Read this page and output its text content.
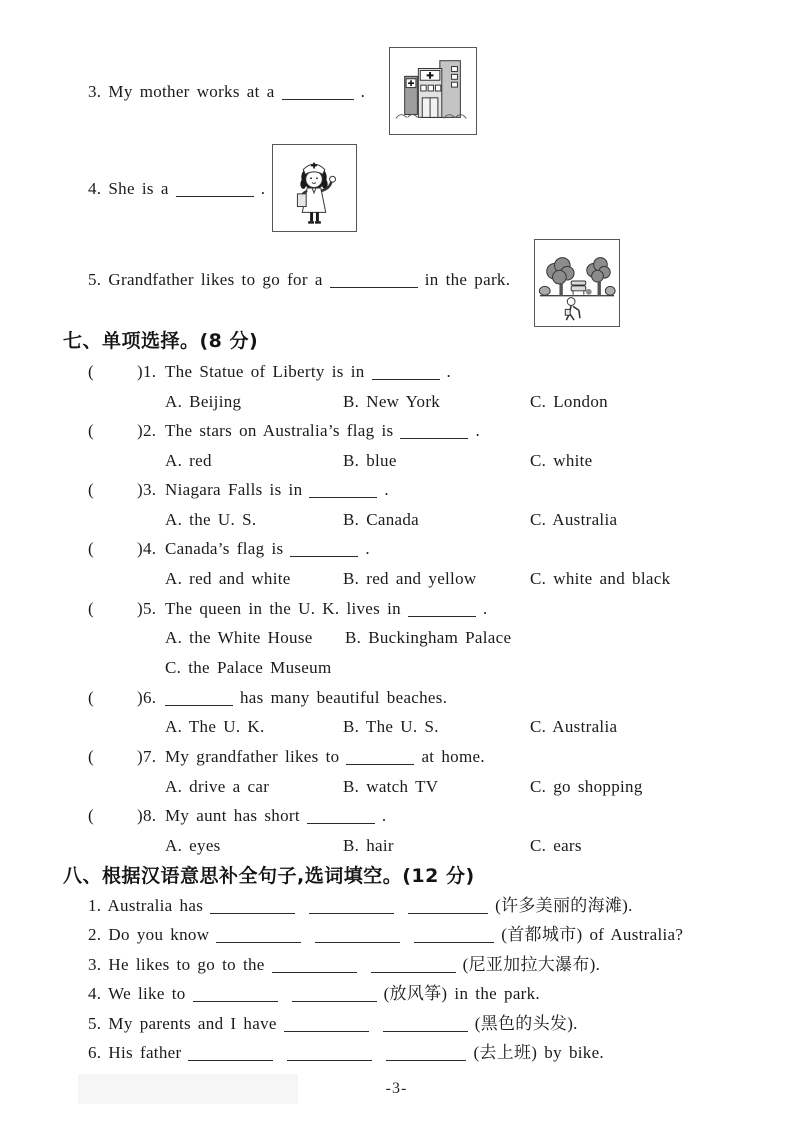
3. My mother works at a	.
4. She is a	.
5. Grandfather likes to go for a	in the park.
七、单项选择。(8 分)
(	)1. The Statue of Liberty is in	.
A. Beijing	B. New York	C. London
(	)2. The stars on Australia’s flag is	.
A. red	B. blue	C. white
(	)3. Niagara Falls is in	.
A. the U. S.	B. Canada	C. Australia
(	)4. Canada’s flag is	.
A. red and white	B. red and yellow	C. white and black
(	)5. The queen in the U. K. lives in	.
A. the White House B. Buckingham Palace
C. the Palace Museum
(	)6.	has many beautiful beaches.
A. The U. K.	B. The U. S.	C. Australia
(	)7. My grandfather likes to	at home.
A. drive a car	B. watch TV	C. go shopping
(	)8. My aunt has short	.
A. eyes	B. hair	C. ears
八、根据汉语意思补全句子,选词填空。(12 分)
1. Australia has	(许多美丽的海滩).
2. Do you know	(首都城市) of Australia?
3. He likes to go to the	(尼亚加拉大瀑布).
4. We like to	(放风筝) in the park.
5. My parents and I have	(黑色的头发).
6. His father	(去上班) by bike.
-3-
